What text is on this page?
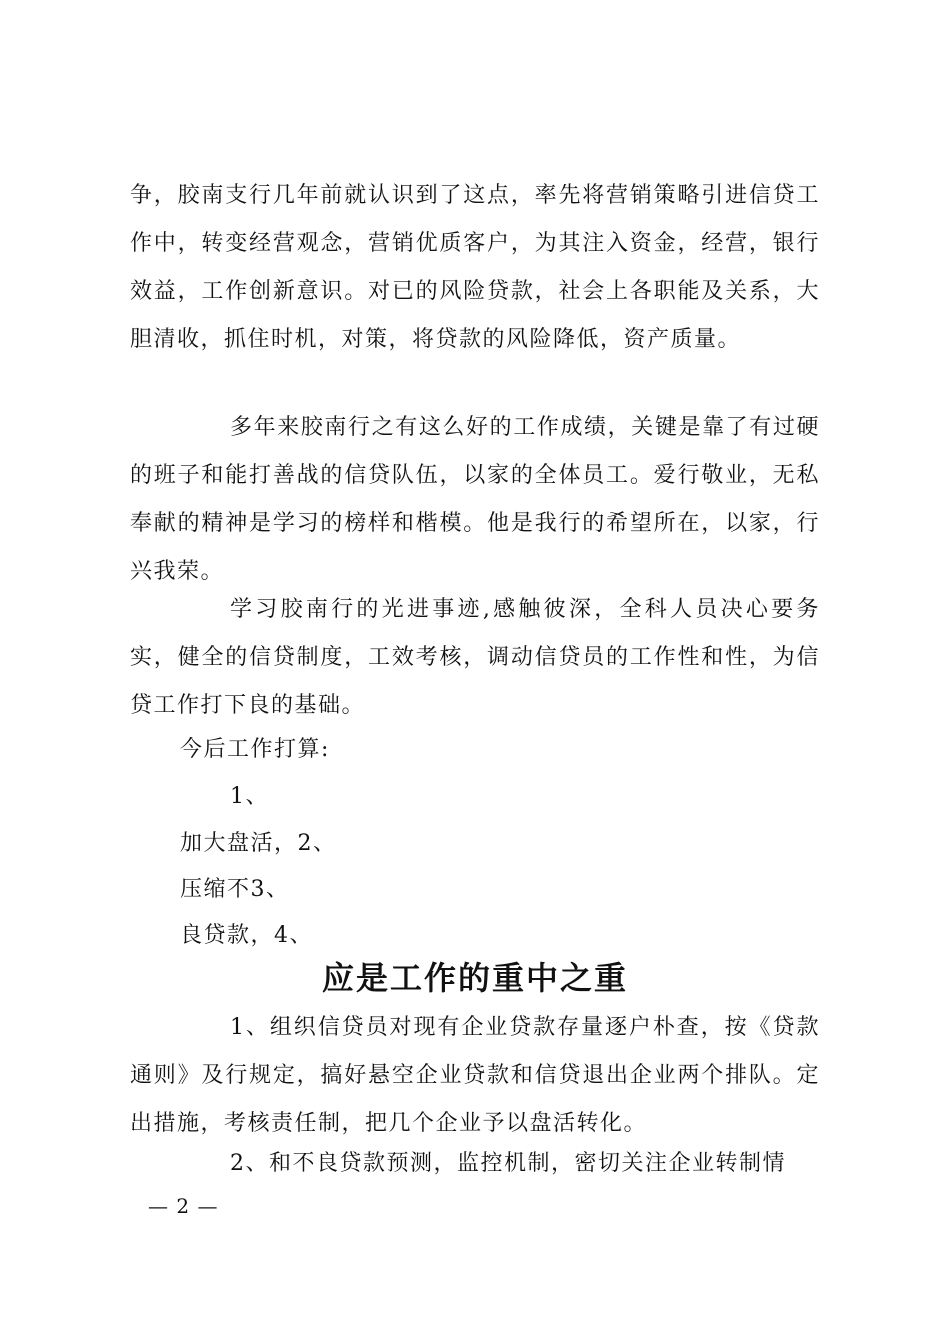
争，胶南支行几年前就认识到了这点，率先将营销策略引进信贷工作中，转变经营观念，营销优质客户，为其注入资金，经营，银行效益，工作创新意识。对已的风险贷款，社会上各职能及关系，大胆清收，抓住时机，对策，将贷款的风险降低，资产质量。

多年来胶南行之有这么好的工作成绩，关键是靠了有过硬的班子和能打善战的信贷队伍，以家的全体员工。爱行敬业，无私奉献的精神是学习的榜样和楷模。他是我行的希望所在，以家，行兴我荣。

学习胶南行的光进事迹,感触彼深，全科人员决心要务实，健全的信贷制度，工效考核，调动信贷员的工作性和性，为信贷工作打下良的基础。

今后工作打算:

1、

加大盘活，2、

压缩不3、

良贷款，4、

应是工作的重中之重

1、组织信贷员对现有企业贷款存量逐户朴查，按《贷款通则》及行规定，搞好悬空企业贷款和信贷退出企业两个排队。定出措施，考核责任制，把几个企业予以盘活转化。

2、和不良贷款预测，监控机制，密切关注企业转制情

— 2 —
